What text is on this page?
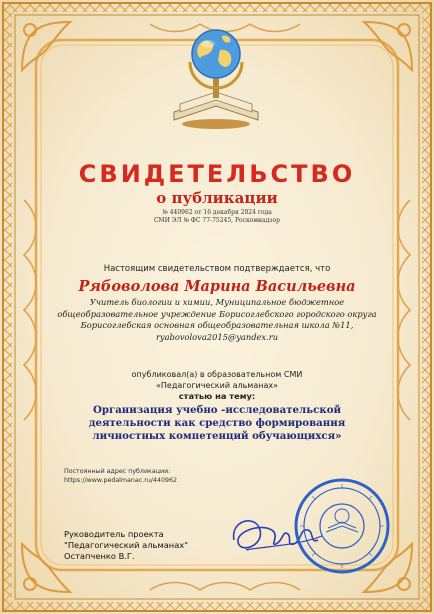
СВИДЕТЕЛЬСТВО
о публикации
№ 440962 от 16 декабря 2024 года
СМИ ЭЛ № ФС 77-75245, Роскомнадзор
Настоящим свидетельством подтверждается, что
Рябоволова Марина Васильевна
Учитель биологии и химии, Муниципальное бюджетное
общеобразовательное учреждение Борисоглебского городского округа
Борисоглебская основная общеобразовательная школа №11,
ryabovolova2015@yandex.ru
опубликовал(а) в образовательном СМИ
«Педагогический альманах»
статью на тему:
Организация учебно -исследовательской
деятельности как средство формирования
личностных компетенций обучающихся»
Постоянный адрес публикации:
https://www.pedalmanac.ru/440962
Руководитель проекта
"Педагогический альманах"
Остапченко В.Г.
